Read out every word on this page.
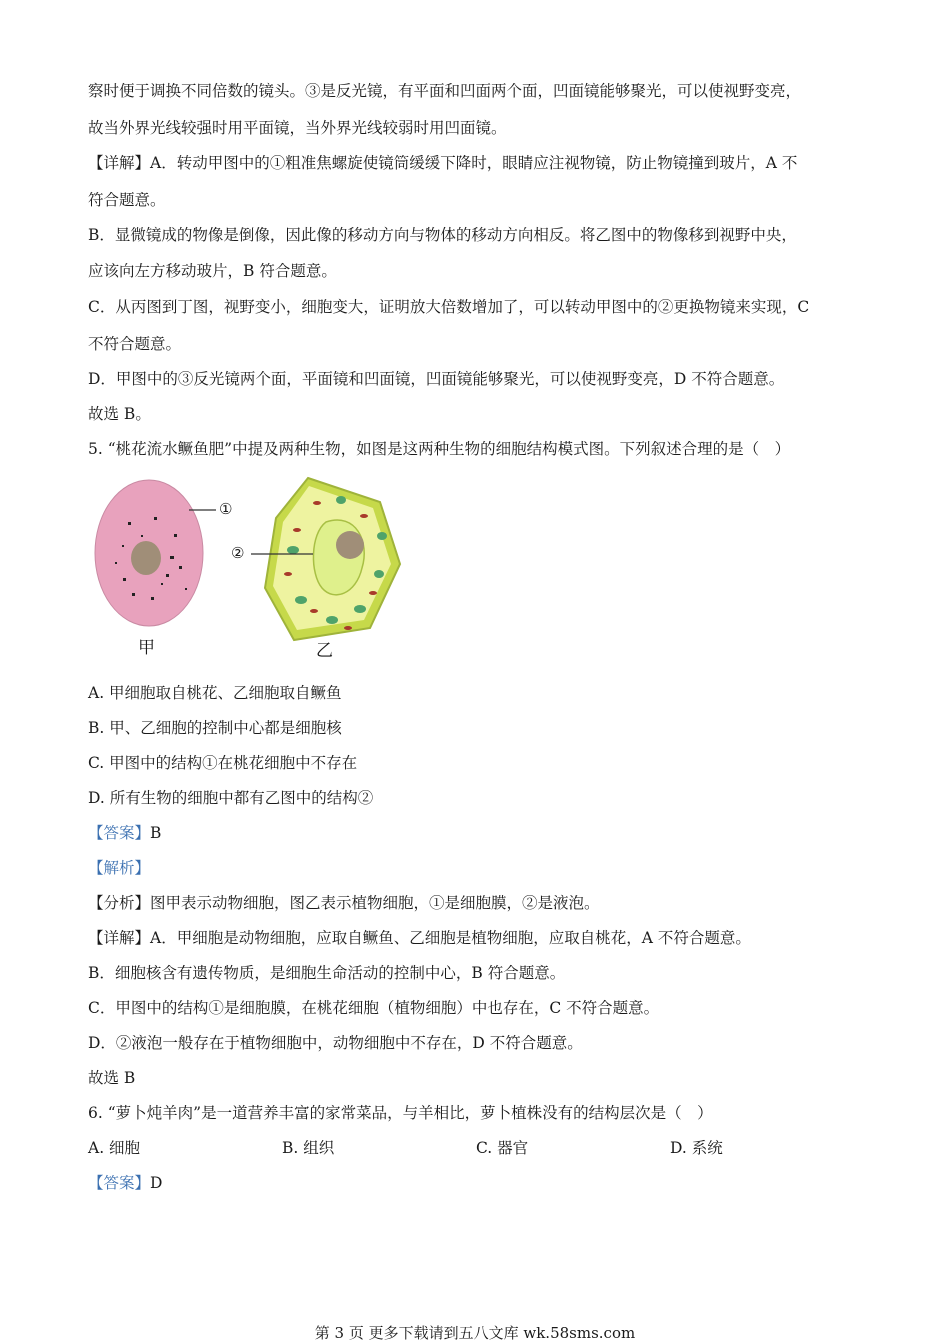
察时便于调换不同倍数的镜头。③是反光镜，有平面和凹面两个面，凹面镜能够聚光，可以使视野变亮，
故当外界光线较强时用平面镜，当外界光线较弱时用凹面镜。
【详解】A．转动甲图中的①粗准焦螺旋使镜筒缓缓下降时，眼睛应注视物镜，防止物镜撞到玻片，A 不
符合题意。
B．显微镜成的物像是倒像，因此像的移动方向与物体的移动方向相反。将乙图中的物像移到视野中央，
应该向左方移动玻片，B 符合题意。
C．从丙图到丁图，视野变小，细胞变大，证明放大倍数增加了，可以转动甲图中的②更换物镜来实现，C
不符合题意。
D．甲图中的③反光镜两个面，平面镜和凹面镜，凹面镜能够聚光，可以使视野变亮，D 不符合题意。
故选 B。
5. “桃花流水鳜鱼肥”中提及两种生物，如图是这两种生物的细胞结构模式图。下列叙述合理的是（　）
①
②
甲	乙
A. 甲细胞取自桃花、乙细胞取自鳜鱼
B. 甲、乙细胞的控制中心都是细胞核
C. 甲图中的结构①在桃花细胞中不存在
D. 所有生物的细胞中都有乙图中的结构②
【答案】B
【解析】
【分析】图甲表示动物细胞，图乙表示植物细胞，①是细胞膜，②是液泡。
【详解】A．甲细胞是动物细胞，应取自鳜鱼、乙细胞是植物细胞，应取自桃花，A 不符合题意。
B．细胞核含有遗传物质，是细胞生命活动的控制中心，B 符合题意。
C．甲图中的结构①是细胞膜，在桃花细胞（植物细胞）中也存在，C 不符合题意。
D．②液泡一般存在于植物细胞中，动物细胞中不存在，D 不符合题意。
故选 B
6. “萝卜炖羊肉”是一道营养丰富的家常菜品，与羊相比，萝卜植株没有的结构层次是（　）
A. 细胞	B. 组织	C. 器官	D. 系统
【答案】D
第 3 页 更多下载请到五八文库 wk.58sms.com
